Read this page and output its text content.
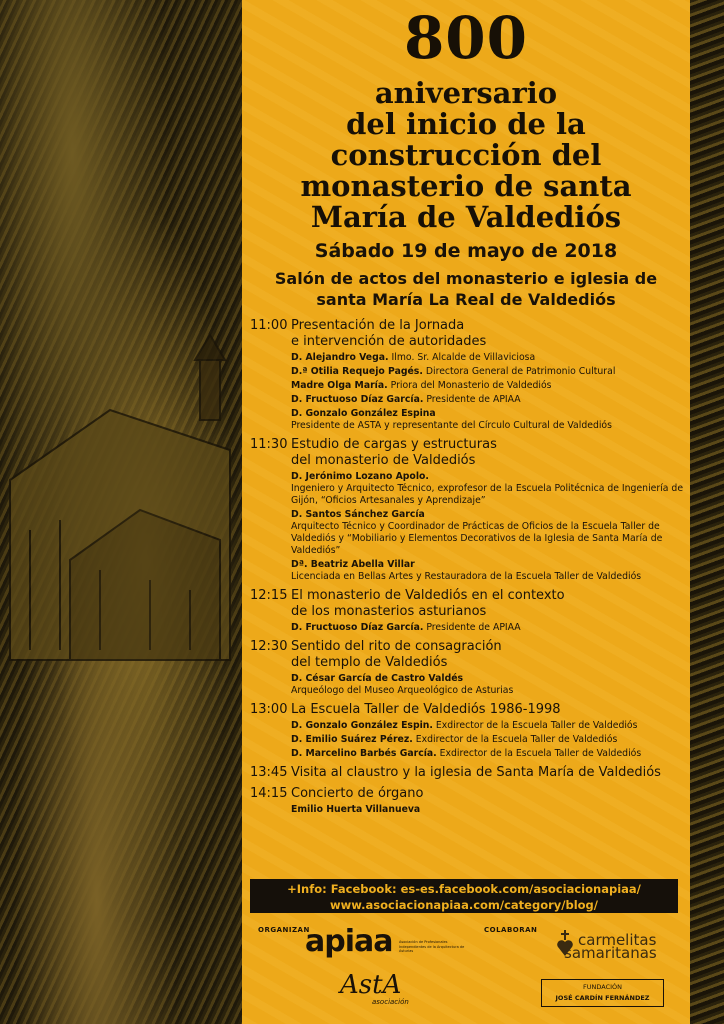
800
aniversario
del inicio de la
construcción del
monasterio de santa
María de Valdediós
Sábado 19 de mayo de 2018
Salón de actos del monasterio e iglesia de
santa María La Real de Valdediós
11:00 Presentación de la Jornada
e intervención de autoridades
D. Alejandro Vega. Ilmo. Sr. Alcalde de Villaviciosa
D.ª Otilia Requejo Pagés. Directora General de Patrimonio Cultural
Madre Olga María. Priora del Monasterio de Valdediós
D. Fructuoso Díaz García. Presidente de APIAA
D. Gonzalo González Espina
Presidente de ASTA y representante del Círculo Cultural de Valdediós
11:30 Estudio de cargas y estructuras
del monasterio de Valdediós
D. Jerónimo Lozano Apolo.
Ingeniero y Arquitecto Técnico, exprofesor de la Escuela Politécnica de Ingeniería de Gijón, “Oficios Artesanales y Aprendizaje”
D. Santos Sánchez García
Arquitecto Técnico y Coordinador de Prácticas de Oficios de la Escuela Taller de Valdediós y “Mobiliario y Elementos Decorativos de la Iglesia de Santa María de Valdediós”
Dª. Beatriz Abella Villar
Licenciada en Bellas Artes y Restauradora de la Escuela Taller de Valdediós
12:15 El monasterio de Valdediós en el contexto
de los monasterios asturianos
D. Fructuoso Díaz García. Presidente de APIAA
12:30 Sentido del rito de consagración
del templo de Valdediós
D. César García de Castro Valdés
Arqueólogo del Museo Arqueológico de Asturias
13:00 La Escuela Taller de Valdediós 1986-1998
D. Gonzalo González Espin. Exdirector de la Escuela Taller de Valdediós
D. Emilio Suárez Pérez. Exdirector de la Escuela Taller de Valdediós
D. Marcelino Barbés García. Exdirector de la Escuela Taller de Valdediós
13:45 Visita al claustro y la iglesia de Santa María de Valdediós
14:15 Concierto de órgano
Emilio Huerta Villanueva
+Info: Facebook: es-es.facebook.com/asociacionapiaa/
www.asociacionapiaa.com/category/blog/
ORGANIZAN	COLABORAN
apiaa Asociación de Profesionales Independientes de la Arquitectura de Asturias
AstA
asociación
carmelitas
samaritanas
FUNDACIÓN
JOSÉ CARDÍN FERNÁNDEZ
